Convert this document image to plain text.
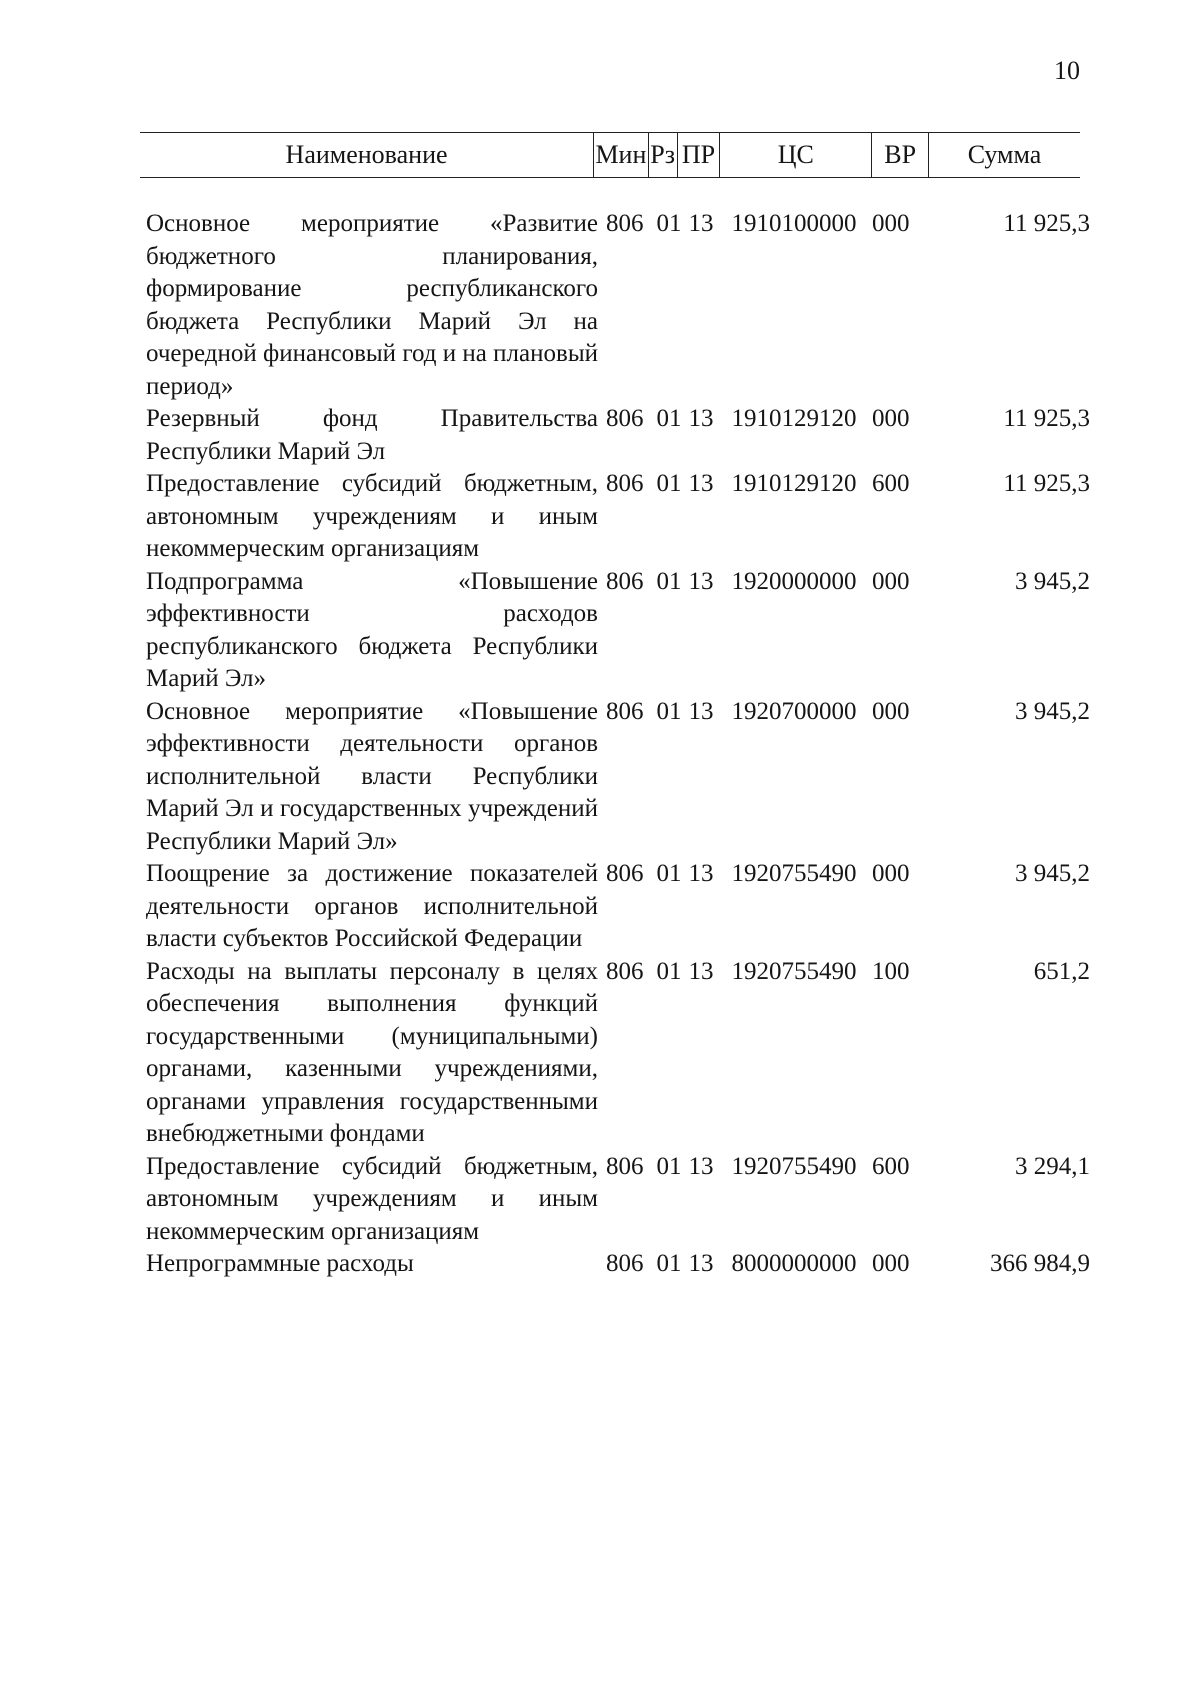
10
Наименование	Мин Рз ПР	ЦС	ВР	Сумма
Основное мероприятие «Развитие бюджетного планирования, формирование республиканского бюджета Республики Марий Эл на очередной финансовый год и на плановый период»
806 01 13 1910100000 000	11 925,3
Резервный фонд Правительства Республики Марий Эл
806 01 13 1910129120 000	11 925,3
Предоставление субсидий бюджетным, автономным учреждениям и иным некоммерческим организациям
806 01 13 1910129120 600	11 925,3
Подпрограмма «Повышение эффективности расходов республиканского бюджета Республики Марий Эл»
806 01 13 1920000000 000	3 945,2
Основное мероприятие «Повышение эффективности деятельности органов исполнительной власти Республики Марий Эл и государственных учреждений Республики Марий Эл»
806 01 13 1920700000 000	3 945,2
Поощрение за достижение показателей деятельности органов исполнительной власти субъектов Российской Федерации
806 01 13 1920755490 000	3 945,2
Расходы на выплаты персоналу в целях обеспечения выполнения функций государственными (муниципальными) органами, казенными учреждениями, органами управления государственными внебюджетными фондами
806 01 13 1920755490 100	651,2
Предоставление субсидий бюджетным, автономным учреждениям и иным некоммерческим организациям
806 01 13 1920755490 600	3 294,1
Непрограммные расходы	806 01 13 8000000000 000	366 984,9
